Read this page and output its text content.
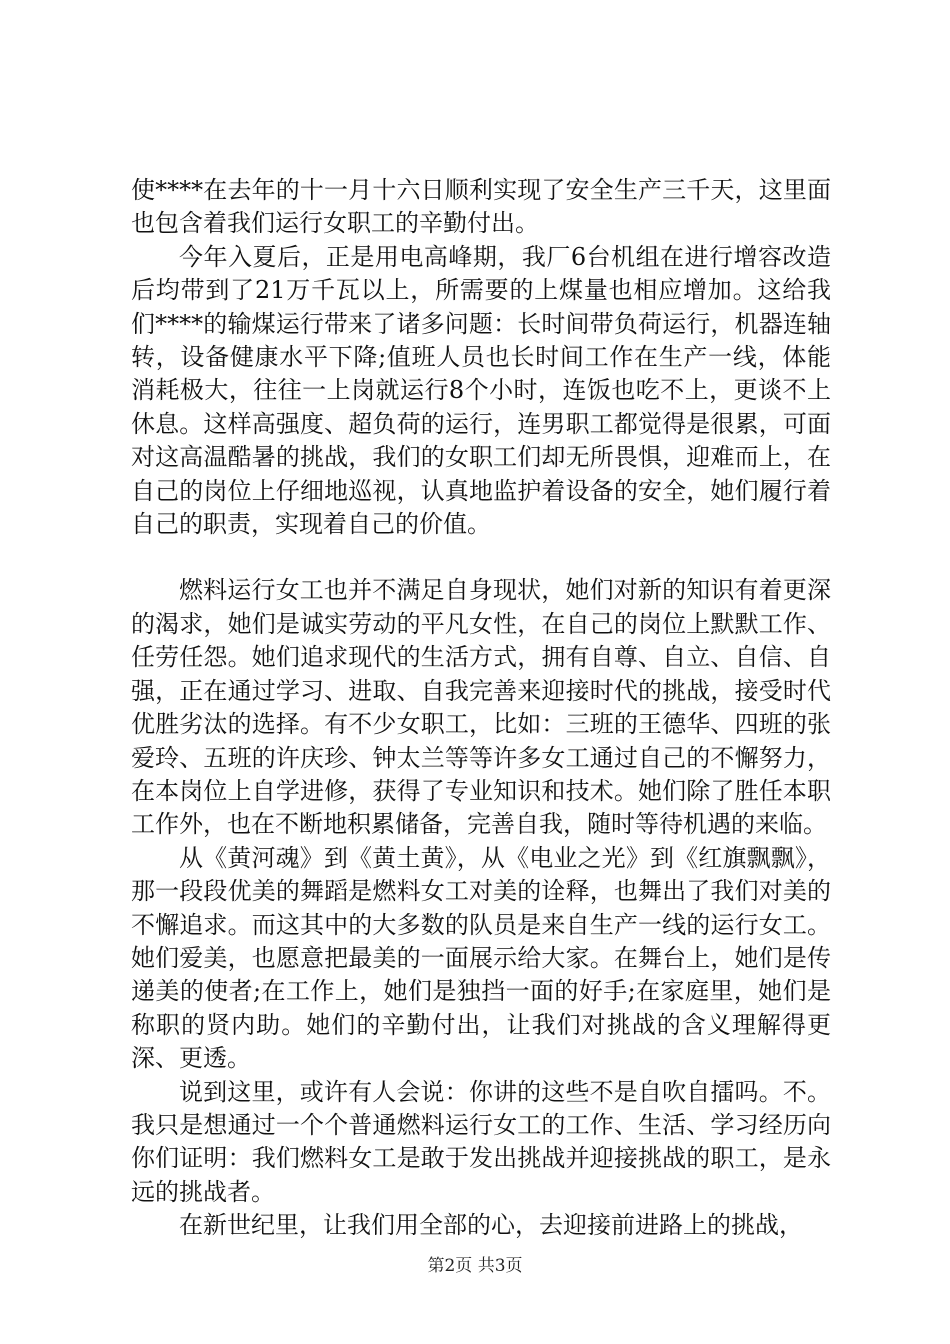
使****在去年的十一月十六日顺利实现了安全生产三千天，这里面也包含着我们运行女职工的辛勤付出。

今年入夏后，正是用电高峰期，我厂6台机组在进行增容改造后均带到了21万千瓦以上，所需要的上煤量也相应增加。这给我们****的输煤运行带来了诸多问题：长时间带负荷运行，机器连轴转，设备健康水平下降;值班人员也长时间工作在生产一线，体能消耗极大，往往一上岗就运行8个小时，连饭也吃不上，更谈不上休息。这样高强度、超负荷的运行，连男职工都觉得是很累，可面对这高温酷暑的挑战，我们的女职工们却无所畏惧，迎难而上，在自己的岗位上仔细地巡视，认真地监护着设备的安全，她们履行着自己的职责，实现着自己的价值。

燃料运行女工也并不满足自身现状，她们对新的知识有着更深的渴求，她们是诚实劳动的平凡女性，在自己的岗位上默默工作、任劳任怨。她们追求现代的生活方式，拥有自尊、自立、自信、自强，正在通过学习、进取、自我完善来迎接时代的挑战，接受时代优胜劣汰的选择。有不少女职工，比如：三班的王德华、四班的张爱玲、五班的许庆珍、钟太兰等等许多女工通过自己的不懈努力，在本岗位上自学进修，获得了专业知识和技术。她们除了胜任本职工作外，也在不断地积累储备，完善自我，随时等待机遇的来临。

从《黄河魂》到《黄土黄》，从《电业之光》到《红旗飘飘》，那一段段优美的舞蹈是燃料女工对美的诠释，也舞出了我们对美的不懈追求。而这其中的大多数的队员是来自生产一线的运行女工。她们爱美，也愿意把最美的一面展示给大家。在舞台上，她们是传递美的使者;在工作上，她们是独挡一面的好手;在家庭里，她们是称职的贤内助。她们的辛勤付出，让我们对挑战的含义理解得更深、更透。

说到这里，或许有人会说：你讲的这些不是自吹自擂吗。不。我只是想通过一个个普通燃料运行女工的工作、生活、学习经历向你们证明：我们燃料女工是敢于发出挑战并迎接挑战的职工，是永远的挑战者。

在新世纪里，让我们用全部的心，去迎接前进路上的挑战，

第2页 共3页
